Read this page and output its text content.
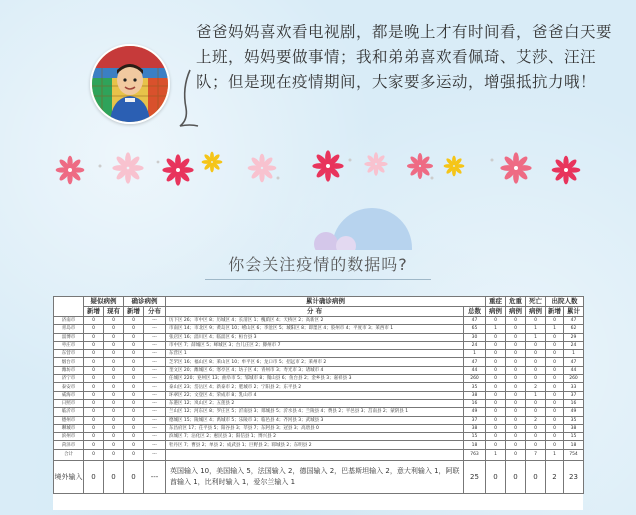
爸爸妈妈喜欢看电视剧，都是晚上才有时间看，爸爸白天要上班，妈妈要做事情；我和弟弟喜欢看佩琦、艾莎、汪汪队；但是现在疫情期间，大家要多运动，增强抵抗力哦！
你会关注疫情的数据吗?
	疑似病例		确诊病例		累计确诊病例		重症	危重	死亡	出院人数	
	新增	现有	新增	分布	分 布	总数	病例	病例	病例	新增	累计
济南市	0	0	0	---	历下区 26；市中区 8；历城区 4；长清区 1；槐荫区 4；天桥区 2；高新区 2	47	0	0	0	0	47
青岛市	0	0	0	---	市南区 14；市北区 9；黄岛区 10；崂山区 6；李沧区 5；城阳区 8；即墨区 4；胶州市 4；平度市 3；莱西市 1	65	1	0	1	1	62
淄博市	0	0	0	---	张店区 16；淄川区 4；临淄区 6；桓台县 3	30	0	0	1	0	29
枣庄市	0	0	0	---	市中区 7；薛城区 5；峄城区 3；台儿庄区 2；滕州市 7	24	0	0	0	0	24
东营市	0	0	0	---	东营区 1	1	0	0	0	0	1
烟台市	0	0	0	---	芝罘区 16；福山区 8；莱山区 10；牟平区 6；龙口市 5；招远市 2；莱州市 2	47	0	0	0	0	47
潍坊市	0	0	0	---	奎文区 20；潍城区 6；寒亭区 4；坊子区 4；青州市 3；寿光市 3；诸城市 4	44	0	0	0	0	44
济宁市	0	0	0	---	任城区 220；兖州区 13；曲阜市 5；邹城市 8；微山县 6；鱼台县 2；金乡县 3；嘉祥县 3	260	0	0	0	0	260
泰安市	0	0	0	---	泰山区 23；岱岳区 4；新泰市 2；肥城市 2；宁阳县 2；东平县 2	35	0	0	2	0	33
威海市	0	0	0	---	环翠区 22；文登区 4；荣成市 8；乳山市 4	38	0	0	1	0	37
日照市	0	0	0	---	东港区 12；岚山区 2；五莲县 2	16	0	0	0	0	16
临沂市	0	0	0	---	兰山区 12；河东区 8；罗庄区 5；沂南县 3；郯城县 5；沂水县 4；兰陵县 4；费县 2；平邑县 3；莒南县 2；蒙阴县 1	49	0	0	0	0	49
德州市	0	0	0	---	德城区 15；陵城区 4；禹城市 5；乐陵市 3；临邑县 4；齐河县 3；武城县 3	37	0	0	2	0	35
聊城市	0	0	0	---	东昌府区 17；茌平县 5；阳谷县 3；莘县 7；东阿县 3；冠县 3；高唐县 0	38	0	0	0	0	38
滨州市	0	0	0	---	滨城区 7；沾化区 2；惠民县 3；阳信县 1；博兴县 2	15	0	0	0	0	15
菏泽市	0	0	0	---	牡丹区 7；曹县 2；单县 2；成武县 1；巨野县 2；郓城县 2；东明县 2	18	0	0	0	0	18
合计	0	0	0	---		763	1	0	7	1	754
境外输入	0	0	0	---	英国输入 10，美国输入 5，法国输入 2，德国输入 2，巴基斯坦输入 2，意大利输入 1，阿联酋输入 1，比利时输入 1，爱尔兰输入 1	25	0	0	0	2	23
